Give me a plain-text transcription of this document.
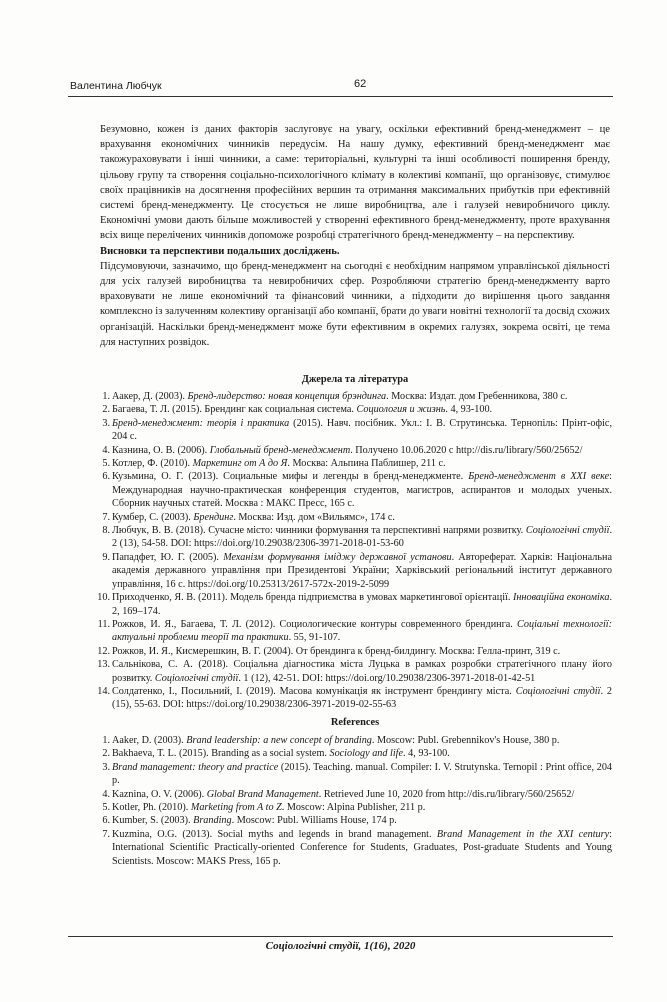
Валентина Любчук	62

Безумовно, кожен із даних факторів заслуговує на увагу, оскільки ефективний бренд-менеджмент – це врахування економічних чинників передусім. На нашу думку, ефективний бренд-менеджмент має такожураховувати і інші чинники, а саме: територіальні, культурні та інші особливості поширення бренду, цільову групу та створення соціально-психологічного клімату в колективі компанії, що організовує, стимулює своїх працівників на досягнення професійних вершин та отримання максимальних прибутків при ефективній системі бренд-менеджменту. Це стосується не лише виробництва, але і галузей невиробничого циклу. Економічні умови дають більше можливостей у створенні ефективного бренд-менеджменту, проте врахування всіх вище перелічених чинників допоможе розробці стратегічного бренд-менеджменту – на перспективу.

Висновки та перспективи подальших досліджень.

Підсумовуючи, зазначимо, що бренд-менеджмент на сьогодні є необхідним напрямом управлінської діяльності для усіх галузей виробництва та невиробничих сфер. Розробляючи стратегію бренд-менеджменту варто враховувати не лише економічний та фінансовий чинники, а підходити до вирішення цього завдання комплексно із залученням колективу організації або компанії, брати до уваги новітні технології та досвід схожих організацій. Наскільки бренд-менеджмент може бути ефективним в окремих галузях, зокрема освіті, це тема для наступних розвідок.

Джерела та література
1. Аакер, Д. (2003). Бренд-лидерство: новая концепция брэндинга. Москва: Издат. дом Гребенникова, 380 с.
2. Багаева, Т. Л. (2015). Брендинг как социальная система. Социология и жизнь. 4, 93-100.
3. Бренд-менеджмент: теорія і практика (2015). Навч. посібник. Укл.: І. В. Струтинська. Тернопіль: Прінт-офіс, 204 с.
4. Казнина, О. В. (2006). Глобальный бренд-менеджмент. Получено 10.06.2020 с http://dis.ru/library/560/25652/
5. Котлер, Ф. (2010). Маркетинг от А до Я. Москва: Альпина Паблишер, 211 с.
6. Кузьмина, О. Г. (2013). Социальные мифы и легенды в бренд-менеджменте. Бренд-менеджмент в XXI веке: Международная научно-практическая конференция студентов, магистров, аспирантов и молодых ученых. Сборник научных статей. Москва : МАКС Пресс, 165 с.
7. Кумбер, С. (2003). Брендинг. Москва: Изд. дом «Вильямс», 174 с.
8. Любчук, В. В. (2018). Сучасне місто: чинники формування та перспективні напрями розвитку. Соціологічні студії. 2 (13), 54-58. DOI: https://doi.org/10.29038/2306-3971-2018-01-53-60
9. Пападфет, Ю. Г. (2005). Механізм формування іміджу державної установи. Автореферат. Харків: Національна академія державного управління при Президентові України; Харківський регіональний інститут державного управління, 16 с. https://doi.org/10.25313/2617-572x-2019-2-5099
10. Приходченко, Я. В. (2011). Модель бренда підприємства в умовах маркетингової орієнтації. Інноваційна економіка. 2, 169–174.
11. Рожков, И. Я., Багаева, Т. Л. (2012). Социологические контуры современного брендинга. Соціальні технології: актуальні проблеми теорії та практики. 55, 91-107.
12. Рожков, И. Я., Кисмерешкин, В. Г. (2004). От брендинга к бренд-билдингу. Москва: Гелла-принт, 319 с.
13. Сальнікова, С. А. (2018). Соціальна діагностика міста Луцька в рамках розробки стратегічного плану його розвитку. Соціологічні студії. 1 (12), 42-51. DOI: https://doi.org/10.29038/2306-3971-2018-01-42-51
14. Солдатенко, І., Посильний, І. (2019). Масова комунікація як інструмент брендингу міста. Соціологічні студії. 2 (15), 55-63. DOI: https://doi.org/10.29038/2306-3971-2019-02-55-63
References
1. Aaker, D. (2003). Brand leadership: a new concept of branding. Moscow: Publ. Grebennikov's House, 380 p.
2. Bakhaeva, T. L. (2015). Branding as a social system. Sociology and life. 4, 93-100.
3. Brand management: theory and practice (2015). Teaching. manual. Compiler: I. V. Strutynska. Ternopil : Print office, 204 p.
4. Kaznina, O. V. (2006). Global Brand Management. Retrieved June 10, 2020 from http://dis.ru/library/560/25652/
5. Kotler, Ph. (2010). Marketing from A to Z. Moscow: Alpina Publisher, 211 p.
6. Kumber, S. (2003). Branding. Moscow: Publ. Williams House, 174 p.
7. Kuzmina, O.G. (2013). Social myths and legends in brand management. Brand Management in the XXI century: International Scientific Practically-oriented Conference for Students, Graduates, Post-graduate Students and Young Scientists. Moscow: MAKS Press, 165 p.
Соціологічні студії, 1(16), 2020
